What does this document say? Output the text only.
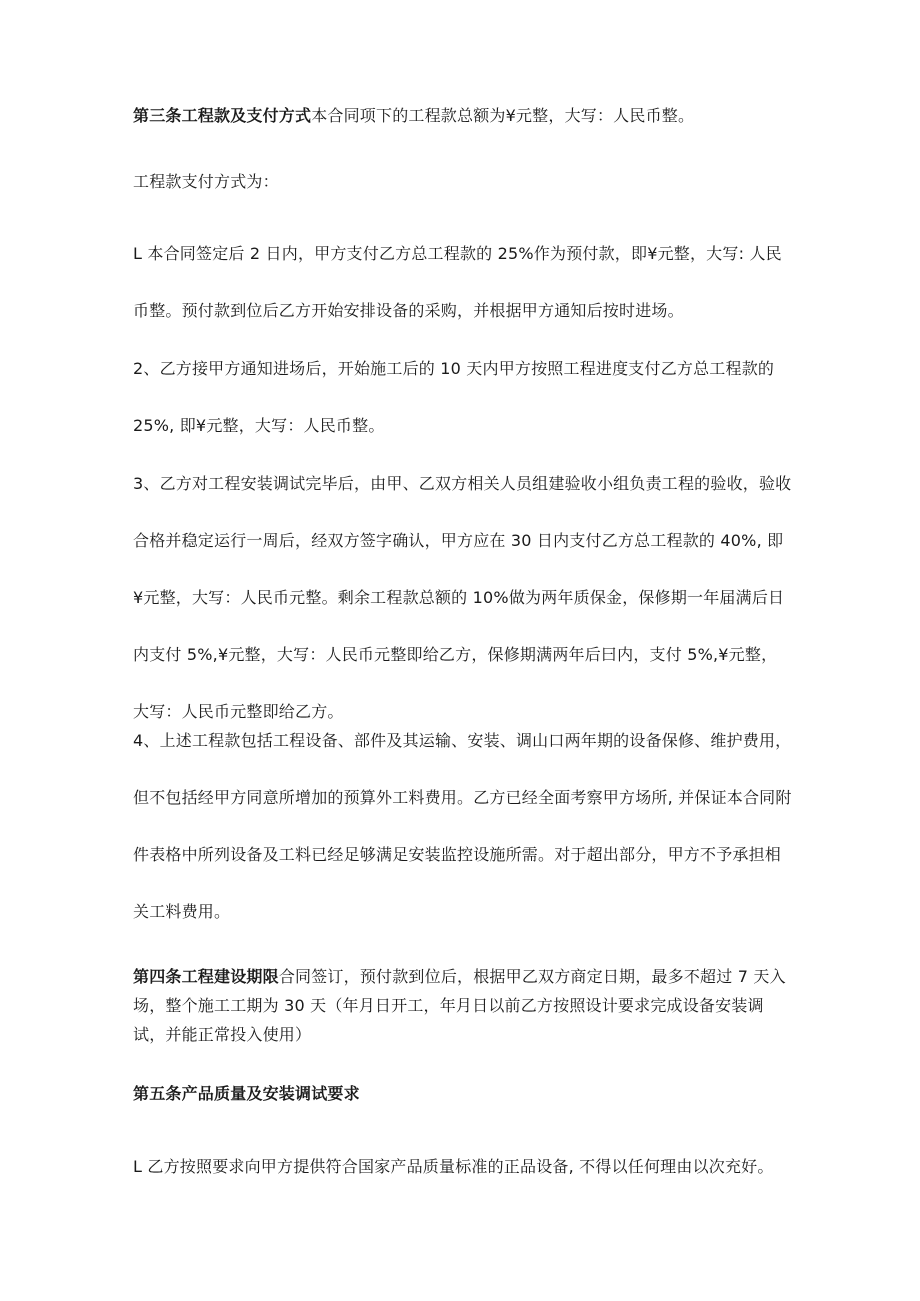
第三条工程款及支付方式本合同项下的工程款总额为¥元整，大写：人民币整。

工程款支付方式为：

L 本合同签定后 2 日内，甲方支付乙方总工程款的 25%作为预付款，即¥元整，大写: 人民币整。预付款到位后乙方开始安排设备的采购，并根据甲方通知后按时进场。

2、乙方接甲方通知进场后，开始施工后的 10 天内甲方按照工程进度支付乙方总工程款的 25%, 即¥元整，大写：人民币整。

3、乙方对工程安装调试完毕后，由甲、乙双方相关人员组建验收小组负责工程的验收，验收合格并稳定运行一周后，经双方签字确认，甲方应在 30 日内支付乙方总工程款的 40%, 即¥元整，大写：人民币元整。剩余工程款总额的 10%做为两年质保金，保修期一年届满后日内支付 5%,¥元整，大写：人民币元整即给乙方，保修期满两年后曰内，支付 5%,¥元整，大写：人民币元整即给乙方。

4、上述工程款包括工程设备、部件及其运输、安装、调山口两年期的设备保修、维护费用，但不包括经甲方同意所增加的预算外工料费用。乙方已经全面考察甲方场所, 并保证本合同附件表格中所列设备及工料已经足够满足安装监控设施所需。对于超出部分，甲方不予承担相关工料费用。

第四条工程建设期限合同签订，预付款到位后，根据甲乙双方商定日期，最多不超过 7 天入场，整个施工工期为 30 天（年月日开工，年月日以前乙方按照设计要求完成设备安装调试，并能正常投入使用）

第五条产品质量及安装调试要求

L 乙方按照要求向甲方提供符合国家产品质量标准的正品设备, 不得以任何理由以次充好。
